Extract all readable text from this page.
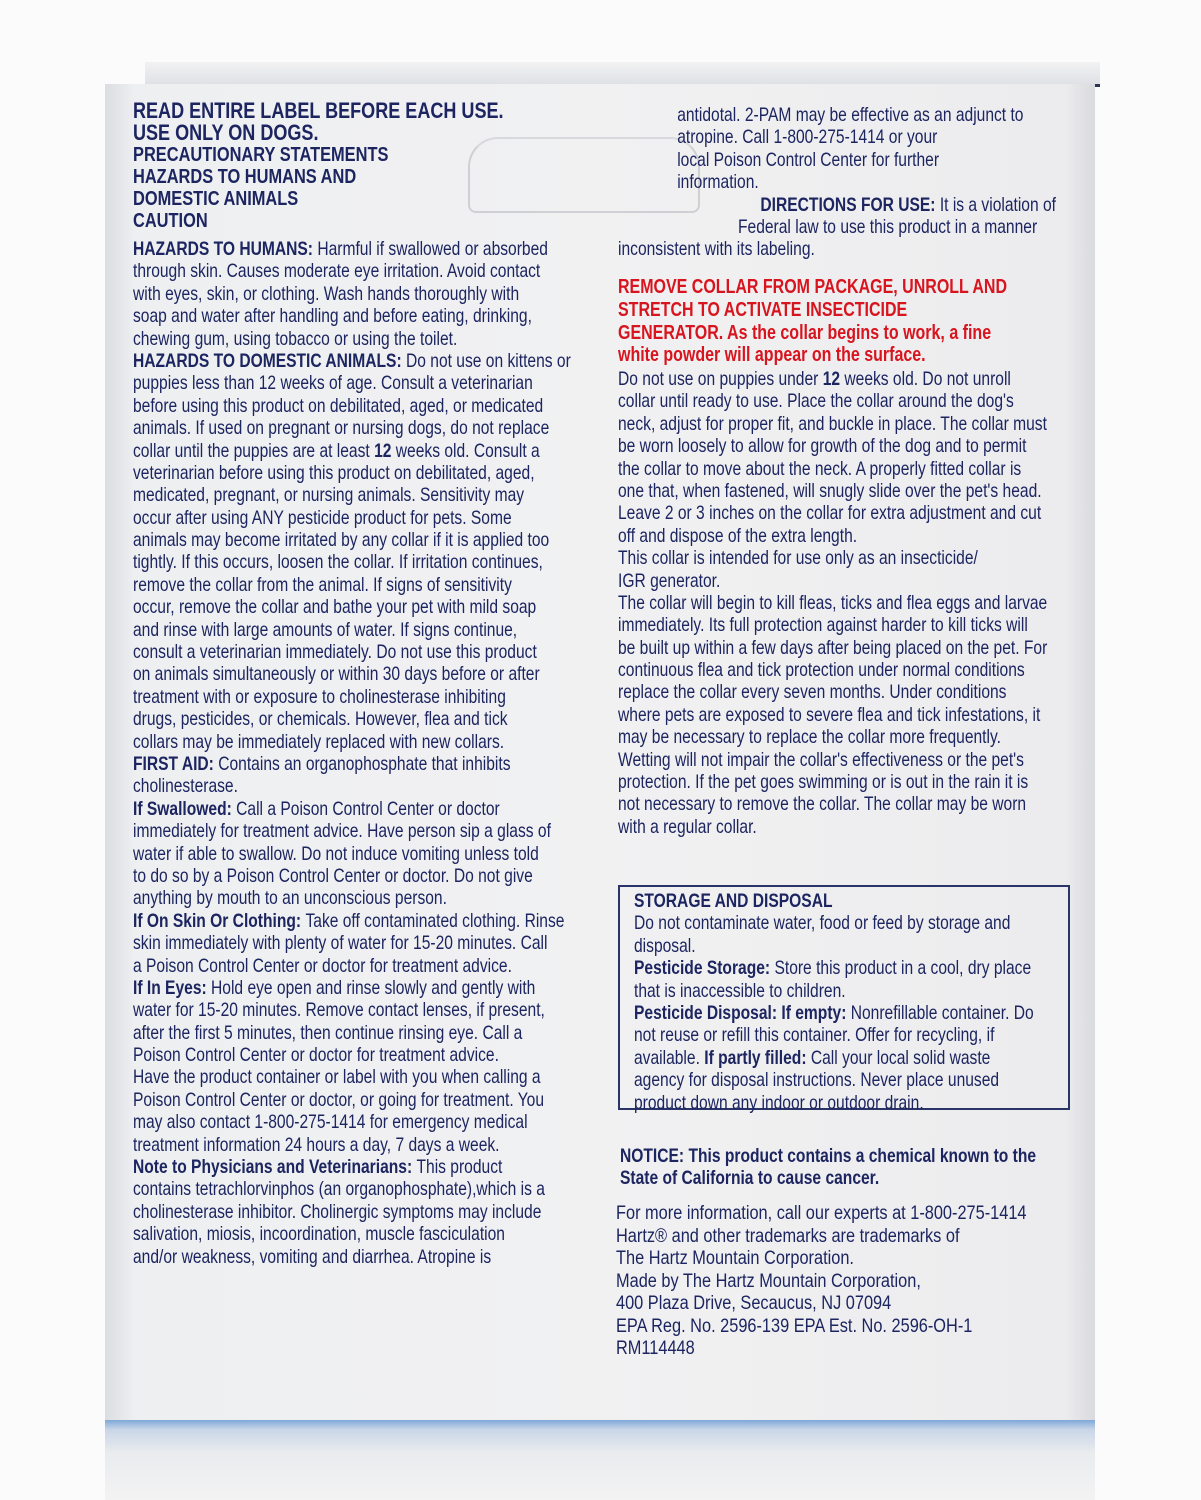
READ ENTIRE LABEL BEFORE EACH USE.
USE ONLY ON DOGS.
PRECAUTIONARY STATEMENTS
HAZARDS TO HUMANS AND
DOMESTIC ANIMALS
CAUTION
HAZARDS TO HUMANS: Harmful if swallowed or absorbed
through skin. Causes moderate eye irritation. Avoid contact
with eyes, skin, or clothing. Wash hands thoroughly with
soap and water after handling and before eating, drinking,
chewing gum, using tobacco or using the toilet.
HAZARDS TO DOMESTIC ANIMALS: Do not use on kittens or
puppies less than 12 weeks of age. Consult a veterinarian
before using this product on debilitated, aged, or medicated
animals. If used on pregnant or nursing dogs, do not replace
collar until the puppies are at least 12 weeks old. Consult a
veterinarian before using this product on debilitated, aged,
medicated, pregnant, or nursing animals. Sensitivity may
occur after using ANY pesticide product for pets. Some
animals may become irritated by any collar if it is applied too
tightly. If this occurs, loosen the collar. If irritation continues,
remove the collar from the animal. If signs of sensitivity
occur, remove the collar and bathe your pet with mild soap
and rinse with large amounts of water. If signs continue,
consult a veterinarian immediately. Do not use this product
on animals simultaneously or within 30 days before or after
treatment with or exposure to cholinesterase inhibiting
drugs, pesticides, or chemicals. However, flea and tick
collars may be immediately replaced with new collars.
FIRST AID: Contains an organophosphate that inhibits
cholinesterase.
If Swallowed: Call a Poison Control Center or doctor
immediately for treatment advice. Have person sip a glass of
water if able to swallow. Do not induce vomiting unless told
to do so by a Poison Control Center or doctor. Do not give
anything by mouth to an unconscious person.
If On Skin Or Clothing: Take off contaminated clothing. Rinse
skin immediately with plenty of water for 15-20 minutes. Call
a Poison Control Center or doctor for treatment advice.
If In Eyes: Hold eye open and rinse slowly and gently with
water for 15-20 minutes. Remove contact lenses, if present,
after the first 5 minutes, then continue rinsing eye. Call a
Poison Control Center or doctor for treatment advice.
Have the product container or label with you when calling a
Poison Control Center or doctor, or going for treatment. You
may also contact 1-800-275-1414 for emergency medical
treatment information 24 hours a day, 7 days a week.
Note to Physicians and Veterinarians: This product
contains tetrachlorvinphos (an organophosphate),which is a
cholinesterase inhibitor. Cholinergic symptoms may include
salivation, miosis, incoordination, muscle fasciculation
and/or weakness, vomiting and diarrhea. Atropine is
antidotal. 2-PAM may be effective as an adjunct to
atropine. Call 1-800-275-1414 or your
local Poison Control Center for further
information.
DIRECTIONS FOR USE: It is a violation of
Federal law to use this product in a manner
inconsistent with its labeling.
REMOVE COLLAR FROM PACKAGE, UNROLL AND
STRETCH TO ACTIVATE INSECTICIDE
GENERATOR. As the collar begins to work, a fine
white powder will appear on the surface.
Do not use on puppies under 12 weeks old. Do not unroll
collar until ready to use. Place the collar around the dog's
neck, adjust for proper fit, and buckle in place. The collar must
be worn loosely to allow for growth of the dog and to permit
the collar to move about the neck. A properly fitted collar is
one that, when fastened, will snugly slide over the pet's head.
Leave 2 or 3 inches on the collar for extra adjustment and cut
off and dispose of the extra length.
This collar is intended for use only as an insecticide/
IGR generator.
The collar will begin to kill fleas, ticks and flea eggs and larvae
immediately. Its full protection against harder to kill ticks will
be built up within a few days after being placed on the pet. For
continuous flea and tick protection under normal conditions
replace the collar every seven months. Under conditions
where pets are exposed to severe flea and tick infestations, it
may be necessary to replace the collar more frequently.
Wetting will not impair the collar's effectiveness or the pet's
protection. If the pet goes swimming or is out in the rain it is
not necessary to remove the collar. The collar may be worn
with a regular collar.
STORAGE AND DISPOSAL
Do not contaminate water, food or feed by storage and
disposal.
Pesticide Storage: Store this product in a cool, dry place
that is inaccessible to children.
Pesticide Disposal: If empty: Nonrefillable container. Do
not reuse or refill this container. Offer for recycling, if
available. If partly filled: Call your local solid waste
agency for disposal instructions. Never place unused
product down any indoor or outdoor drain.
NOTICE: This product contains a chemical known to the
State of California to cause cancer.
For more information, call our experts at 1-800-275-1414
Hartz® and other trademarks are trademarks of
The Hartz Mountain Corporation.
Made by The Hartz Mountain Corporation,
400 Plaza Drive, Secaucus, NJ 07094
EPA Reg. No. 2596-139 EPA Est. No. 2596-OH-1
RM114448
